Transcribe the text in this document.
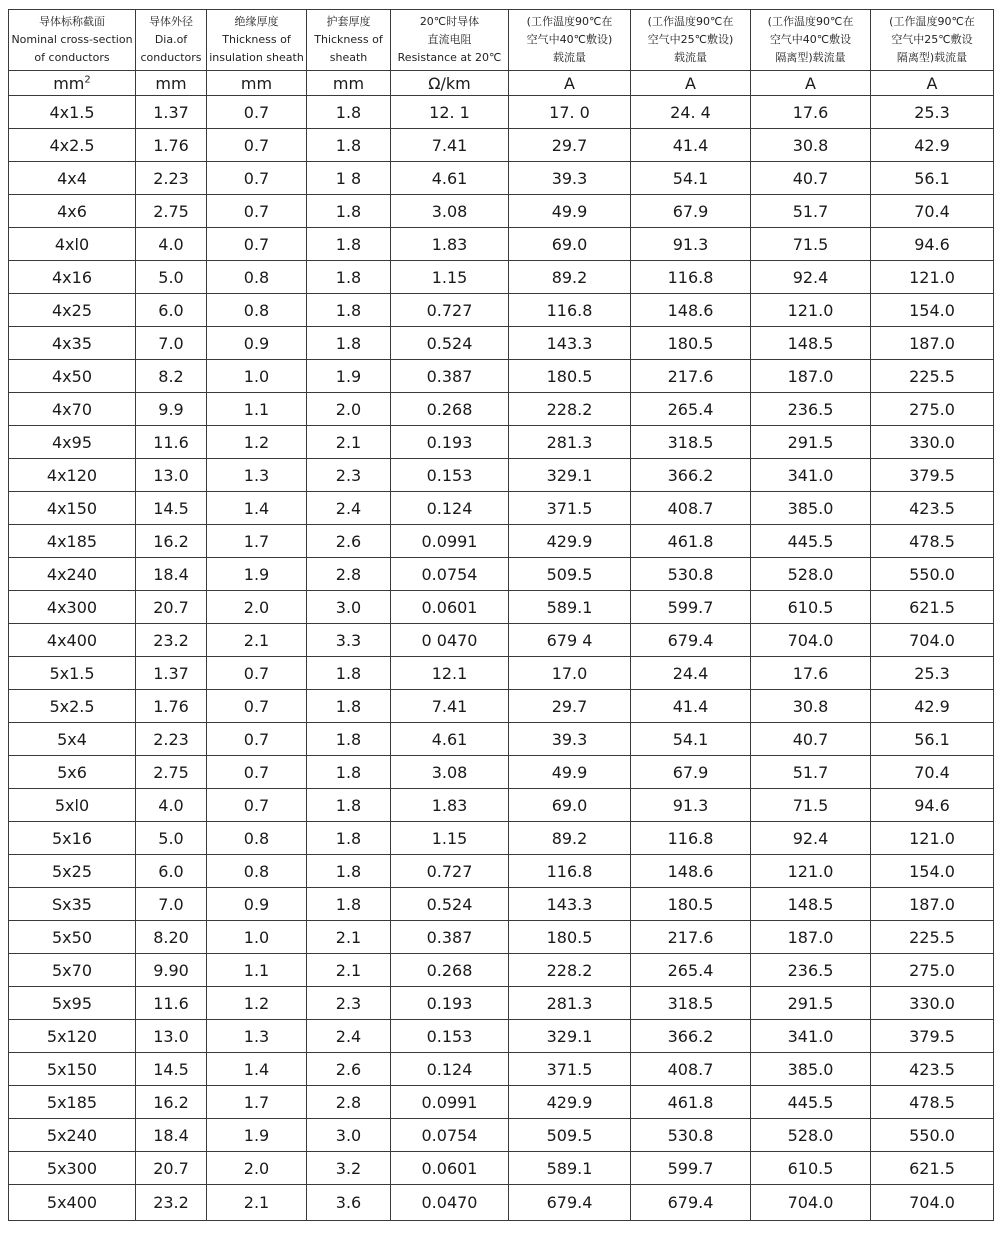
导体标称截面
Nominal cross-section
of conductors	导体外径
Dia.of
conductors	绝缘厚度
Thickness of
insulation sheath	护套厚度
Thickness of
sheath	20℃时导体
直流电阻
Resistance at 20℃	(工作温度90℃在
空气中40℃敷设)
载流量	(工作温度90℃在
空气中25℃敷设)
载流量	(工作温度90℃在
空气中40℃敷设
隔离型)载流量	(工作温度90℃在
空气中25℃敷设
隔离型)载流量

$mm^2$	mm	mm	mm	Ω/km	A	A	A	A
4x1.5	1.37	0.7	1.8	12. 1	17. 0	24. 4	17.6	25.3
4x2.5	1.76	0.7	1.8	7.41	29.7	41.4	30.8	42.9
4x4	2.23	0.7	1 8	4.61	39.3	54.1	40.7	56.1
4x6	2.75	0.7	1.8	3.08	49.9	67.9	51.7	70.4
4xl0	4.0	0.7	1.8	1.83	69.0	91.3	71.5	94.6
4x16	5.0	0.8	1.8	1.15	89.2	116.8	92.4	121.0
4x25	6.0	0.8	1.8	0.727	116.8	148.6	121.0	154.0
4x35	7.0	0.9	1.8	0.524	143.3	180.5	148.5	187.0
4x50	8.2	1.0	1.9	0.387	180.5	217.6	187.0	225.5
4x70	9.9	1.1	2.0	0.268	228.2	265.4	236.5	275.0
4x95	11.6	1.2	2.1	0.193	281.3	318.5	291.5	330.0
4x120	13.0	1.3	2.3	0.153	329.1	366.2	341.0	379.5
4x150	14.5	1.4	2.4	0.124	371.5	408.7	385.0	423.5
4x185	16.2	1.7	2.6	0.0991	429.9	461.8	445.5	478.5
4x240	18.4	1.9	2.8	0.0754	509.5	530.8	528.0	550.0
4x300	20.7	2.0	3.0	0.0601	589.1	599.7	610.5	621.5
4x400	23.2	2.1	3.3	0 0470	679 4	679.4	704.0	704.0
5x1.5	1.37	0.7	1.8	12.1	17.0	24.4	17.6	25.3
5x2.5	1.76	0.7	1.8	7.41	29.7	41.4	30.8	42.9
5x4	2.23	0.7	1.8	4.61	39.3	54.1	40.7	56.1
5x6	2.75	0.7	1.8	3.08	49.9	67.9	51.7	70.4
5xl0	4.0	0.7	1.8	1.83	69.0	91.3	71.5	94.6
5x16	5.0	0.8	1.8	1.15	89.2	116.8	92.4	121.0
5x25	6.0	0.8	1.8	0.727	116.8	148.6	121.0	154.0
Sx35	7.0	0.9	1.8	0.524	143.3	180.5	148.5	187.0
5x50	8.20	1.0	2.1	0.387	180.5	217.6	187.0	225.5
5x70	9.90	1.1	2.1	0.268	228.2	265.4	236.5	275.0
5x95	11.6	1.2	2.3	0.193	281.3	318.5	291.5	330.0
5x120	13.0	1.3	2.4	0.153	329.1	366.2	341.0	379.5
5x150	14.5	1.4	2.6	0.124	371.5	408.7	385.0	423.5
5x185	16.2	1.7	2.8	0.0991	429.9	461.8	445.5	478.5
5x240	18.4	1.9	3.0	0.0754	509.5	530.8	528.0	550.0
5x300	20.7	2.0	3.2	0.0601	589.1	599.7	610.5	621.5
5x400	23.2	2.1	3.6	0.0470	679.4	679.4	704.0	704.0
